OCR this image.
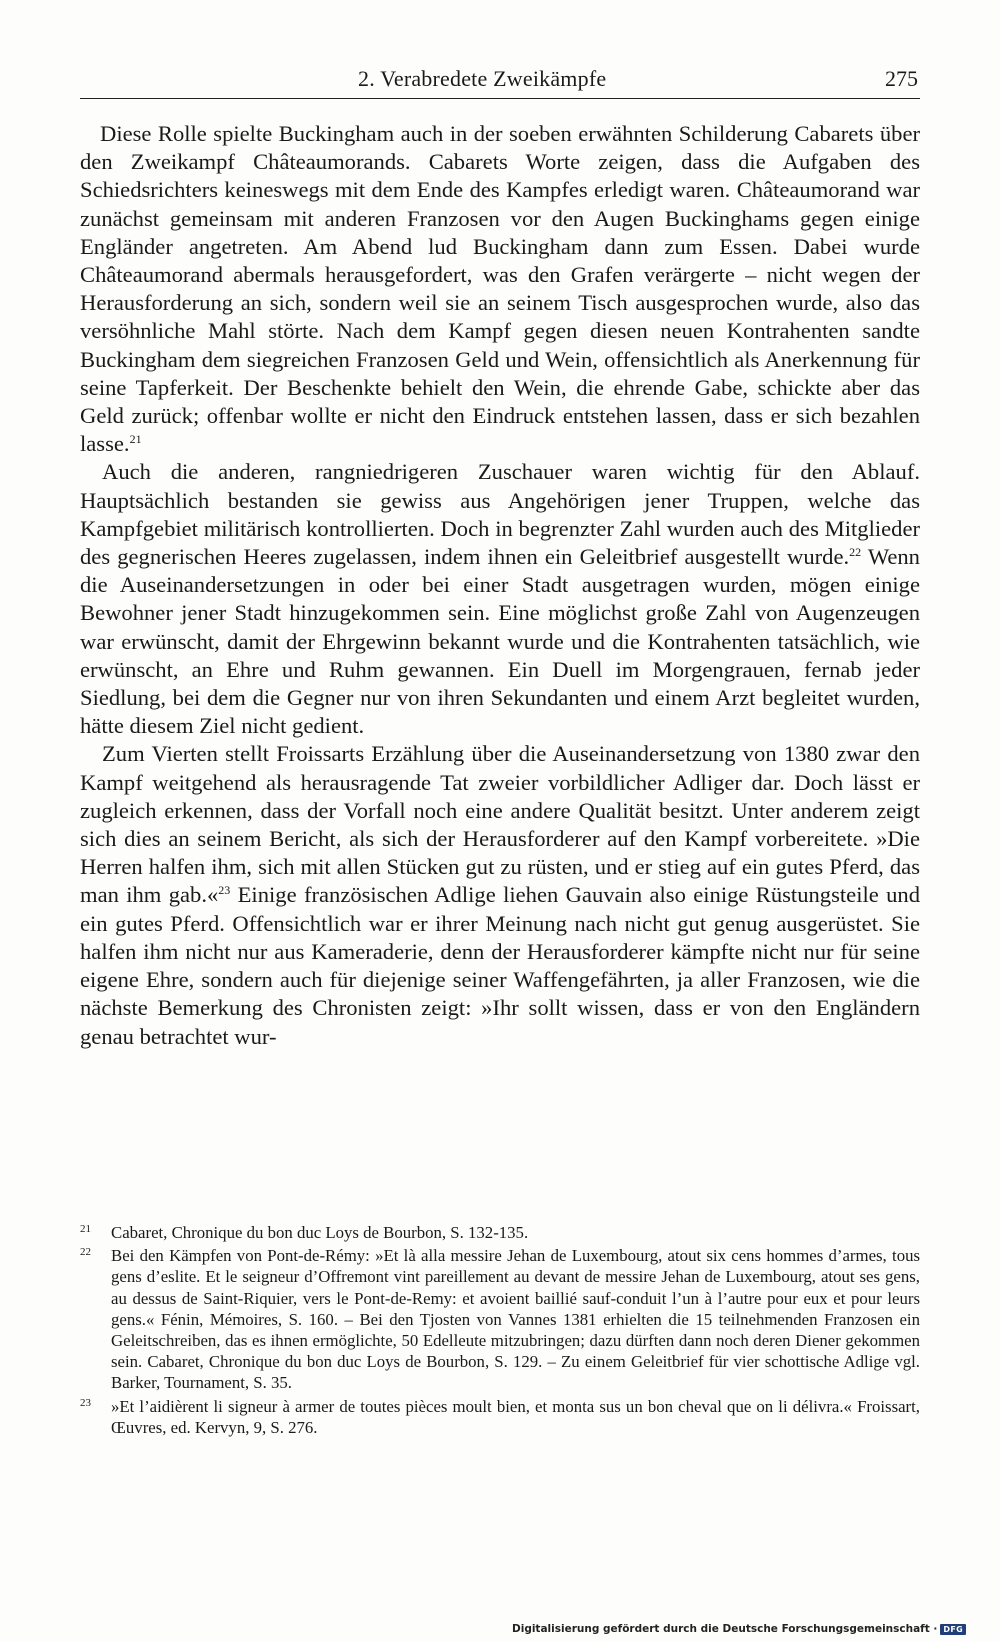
2. Verabredete Zweikämpfe	275

Diese Rolle spielte Buckingham auch in der soeben erwähnten Schilderung Cabarets über den Zweikampf Châteaumorands. Cabarets Worte zeigen, dass die Aufgaben des Schiedsrichters keineswegs mit dem Ende des Kampfes erledigt waren. Châteaumorand war zunächst gemeinsam mit anderen Franzosen vor den Augen Buckinghams gegen einige Engländer angetreten. Am Abend lud Buckingham dann zum Essen. Dabei wurde Châteaumorand abermals herausgefordert, was den Grafen verärgerte – nicht wegen der Herausforderung an sich, sondern weil sie an seinem Tisch ausgesprochen wurde, also das versöhnliche Mahl störte. Nach dem Kampf gegen diesen neuen Kontrahenten sandte Buckingham dem siegreichen Franzosen Geld und Wein, offensichtlich als Anerkennung für seine Tapferkeit. Der Beschenkte behielt den Wein, die ehrende Gabe, schickte aber das Geld zurück; offenbar wollte er nicht den Eindruck entstehen lassen, dass er sich bezahlen lasse.$^{21}$

Auch die anderen, rangniedrigeren Zuschauer waren wichtig für den Ablauf. Hauptsächlich bestanden sie gewiss aus Angehörigen jener Truppen, welche das Kampfgebiet militärisch kontrollierten. Doch in begrenzter Zahl wurden auch des Mitglieder des gegnerischen Heeres zugelassen, indem ihnen ein Geleitbrief ausgestellt wurde.$^{22}$ Wenn die Auseinandersetzungen in oder bei einer Stadt ausgetragen wurden, mögen einige Bewohner jener Stadt hinzugekommen sein. Eine möglichst große Zahl von Augenzeugen war erwünscht, damit der Ehrgewinn bekannt wurde und die Kontrahenten tatsächlich, wie erwünscht, an Ehre und Ruhm gewannen. Ein Duell im Morgengrauen, fernab jeder Siedlung, bei dem die Gegner nur von ihren Sekundanten und einem Arzt begleitet wurden, hätte diesem Ziel nicht gedient.

Zum Vierten stellt Froissarts Erzählung über die Auseinandersetzung von 1380 zwar den Kampf weitgehend als herausragende Tat zweier vorbildlicher Adliger dar. Doch lässt er zugleich erkennen, dass der Vorfall noch eine andere Qualität besitzt. Unter anderem zeigt sich dies an seinem Bericht, als sich der Herausforderer auf den Kampf vorbereitete. »Die Herren halfen ihm, sich mit allen Stücken gut zu rüsten, und er stieg auf ein gutes Pferd, das man ihm gab.«$^{23}$ Einige französischen Adlige liehen Gauvain also einige Rüstungsteile und ein gutes Pferd. Offensichtlich war er ihrer Meinung nach nicht gut genug ausgerüstet. Sie halfen ihm nicht nur aus Kameraderie, denn der Herausforderer kämpfte nicht nur für seine eigene Ehre, sondern auch für diejenige seiner Waffengefährten, ja aller Franzosen, wie die nächste Bemerkung des Chronisten zeigt: »Ihr sollt wissen, dass er von den Engländern genau betrachtet wur-

21 Cabaret, Chronique du bon duc Loys de Bourbon, S. 132-135.
22 Bei den Kämpfen von Pont-de-Rémy: »Et là alla messire Jehan de Luxembourg, atout six cens hommes d’armes, tous gens d’eslite. Et le seigneur d’Offremont vint pareillement au devant de messire Jehan de Luxembourg, atout ses gens, au dessus de Saint-Riquier, vers le Pont-de-Remy: et avoient baillié sauf-conduit l’un à l’autre pour eux et pour leurs gens.« Fénin, Mémoires, S. 160. – Bei den Tjosten von Vannes 1381 erhielten die 15 teilnehmenden Franzosen ein Geleitschreiben, das es ihnen ermöglichte, 50 Edelleute mitzubringen; dazu dürften dann noch deren Diener gekommen sein. Cabaret, Chronique du bon duc Loys de Bourbon, S. 129. – Zu einem Geleitbrief für vier schottische Adlige vgl. Barker, Tournament, S. 35.
23 »Et l’aidièrent li signeur à armer de toutes pièces moult bien, et monta sus un bon cheval que on li délivra.« Froissart, Œuvres, ed. Kervyn, 9, S. 276.
Digitalisierung gefördert durch die Deutsche Forschungsgemeinschaft · DFG
